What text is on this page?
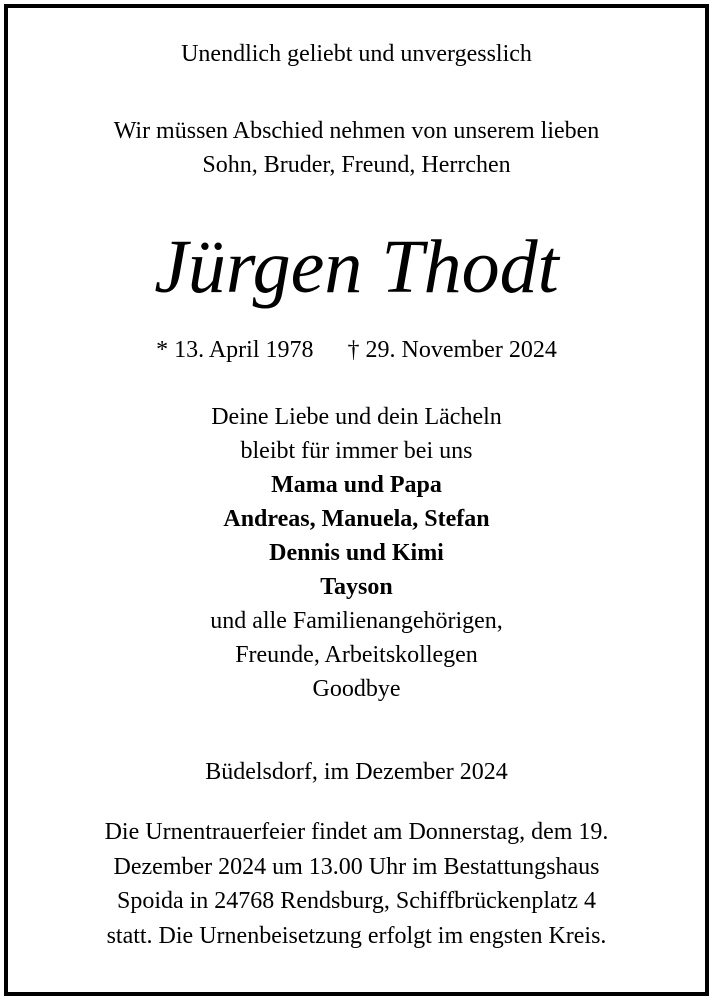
Unendlich geliebt und unvergesslich
Wir müssen Abschied nehmen von unserem lieben
Sohn, Bruder, Freund, Herrchen
Jürgen Thodt
* 13. April 1978 † 29. November 2024
Deine Liebe und dein Lächeln
bleibt für immer bei uns
Mama und Papa
Andreas, Manuela, Stefan
Dennis und Kimi
Tayson
und alle Familienangehörigen,
Freunde, Arbeitskollegen
Goodbye
Büdelsdorf, im Dezember 2024
Die Urnentrauerfeier findet am Donnerstag, dem 19.
Dezember 2024 um 13.00 Uhr im Bestattungshaus
Spoida in 24768 Rendsburg, Schiffbrückenplatz 4
statt. Die Urnenbeisetzung erfolgt im engsten Kreis.
